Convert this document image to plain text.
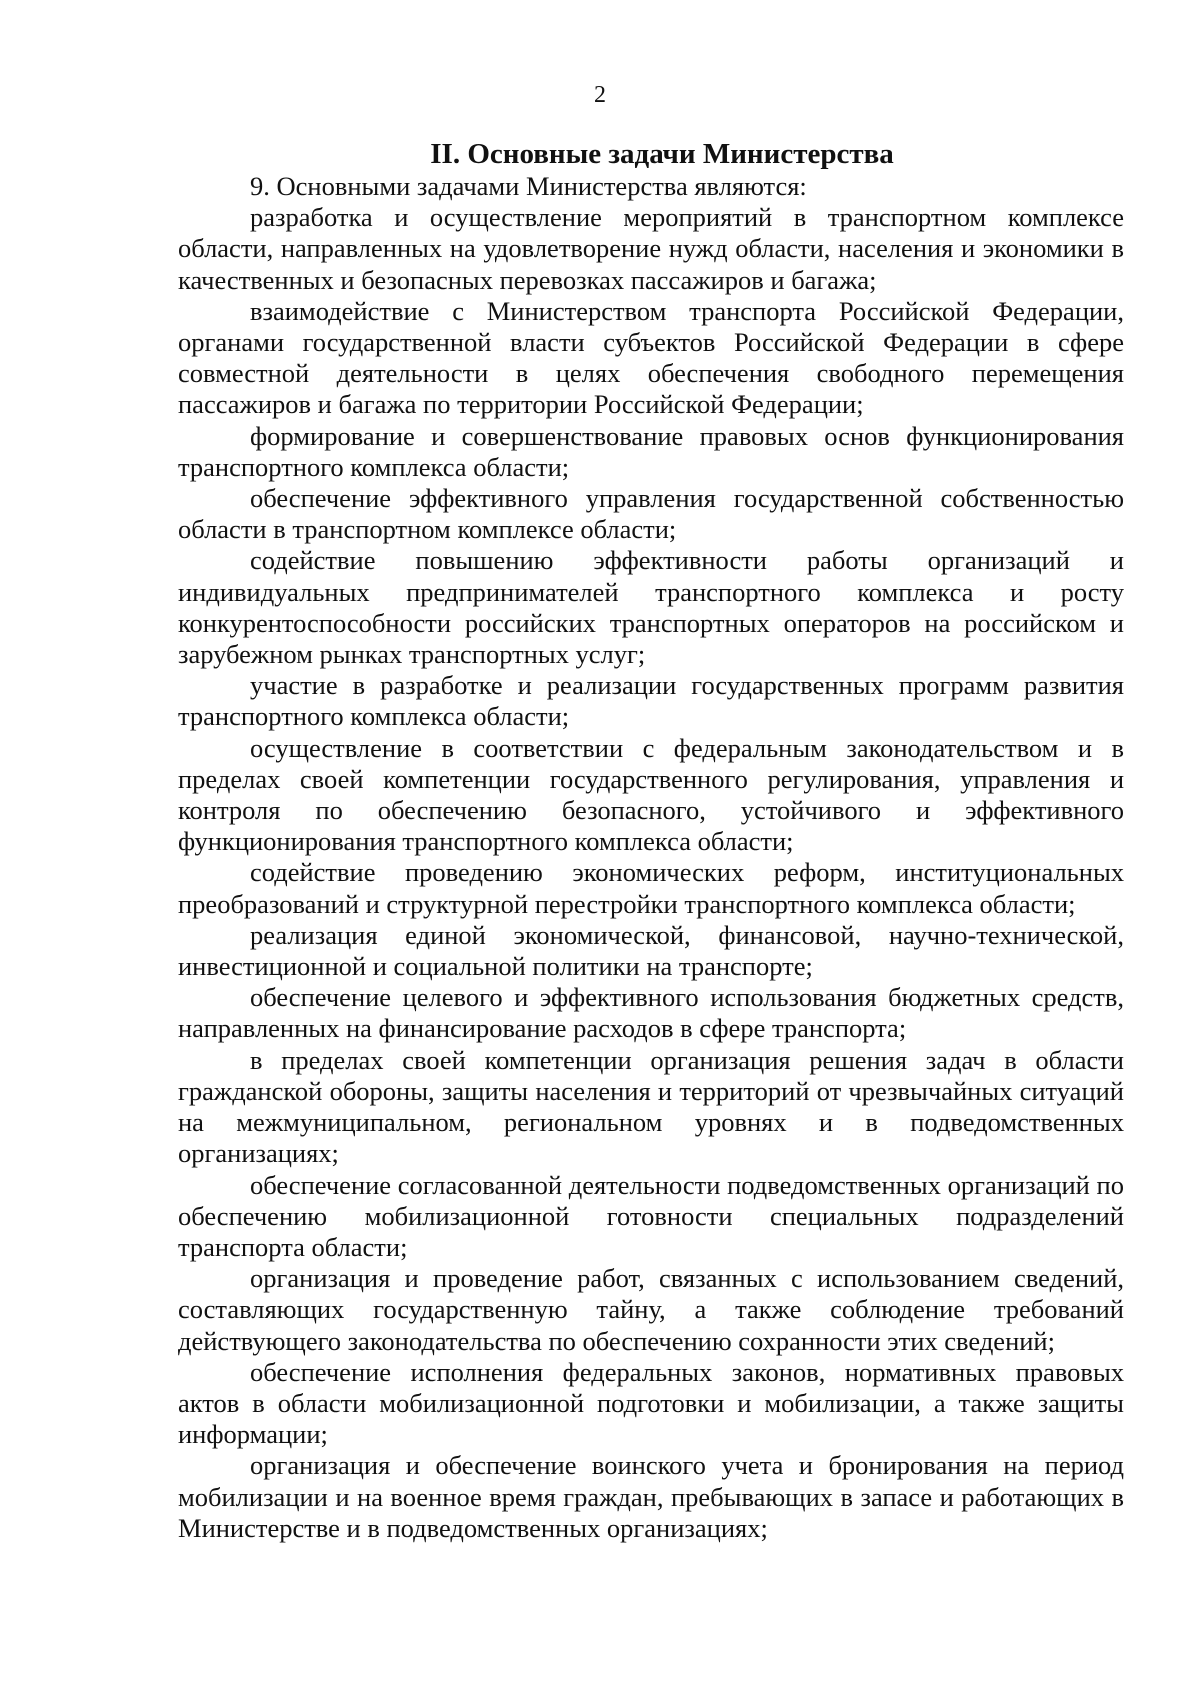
2
II. Основные задачи Министерства

9. Основными задачами Министерства являются:

разработка и осуществление мероприятий в транспортном комплексе области, направленных на удовлетворение нужд области, населения и экономики в качественных и безопасных перевозках пассажиров и багажа;

взаимодействие с Министерством транспорта Российской Федерации, органами государственной власти субъектов Российской Федерации в сфере совместной деятельности в целях обеспечения свободного перемещения пассажиров и багажа по территории Российской Федерации;

формирование и совершенствование правовых основ функционирования транспортного комплекса области;

обеспечение эффективного управления государственной собственностью области в транспортном комплексе области;

содействие повышению эффективности работы организаций и индивидуальных предпринимателей транспортного комплекса и росту конкурентоспособности российских транспортных операторов на российском и зарубежном рынках транспортных услуг;

участие в разработке и реализации государственных программ развития транспортного комплекса области;

осуществление в соответствии с федеральным законодательством и в пределах своей компетенции государственного регулирования, управления и контроля по обеспечению безопасного, устойчивого и эффективного функционирования транспортного комплекса области;

содействие проведению экономических реформ, институциональных преобразований и структурной перестройки транспортного комплекса области;

реализация единой экономической, финансовой, научно-технической, инвестиционной и социальной политики на транспорте;

обеспечение целевого и эффективного использования бюджетных средств, направленных на финансирование расходов в сфере транспорта;

в пределах своей компетенции организация решения задач в области гражданской обороны, защиты населения и территорий от чрезвычайных ситуаций на межмуниципальном, региональном уровнях и в подведомственных организациях;

обеспечение согласованной деятельности подведомственных организаций по обеспечению мобилизационной готовности специальных подразделений транспорта области;

организация и проведение работ, связанных с использованием сведений, составляющих государственную тайну, а также соблюдение требований действующего законодательства по обеспечению сохранности этих сведений;

обеспечение исполнения федеральных законов, нормативных правовых актов в области мобилизационной подготовки и мобилизации, а также защиты информации;

организация и обеспечение воинского учета и бронирования на период мобилизации и на военное время граждан, пребывающих в запасе и работающих в Министерстве и в подведомственных организациях;
